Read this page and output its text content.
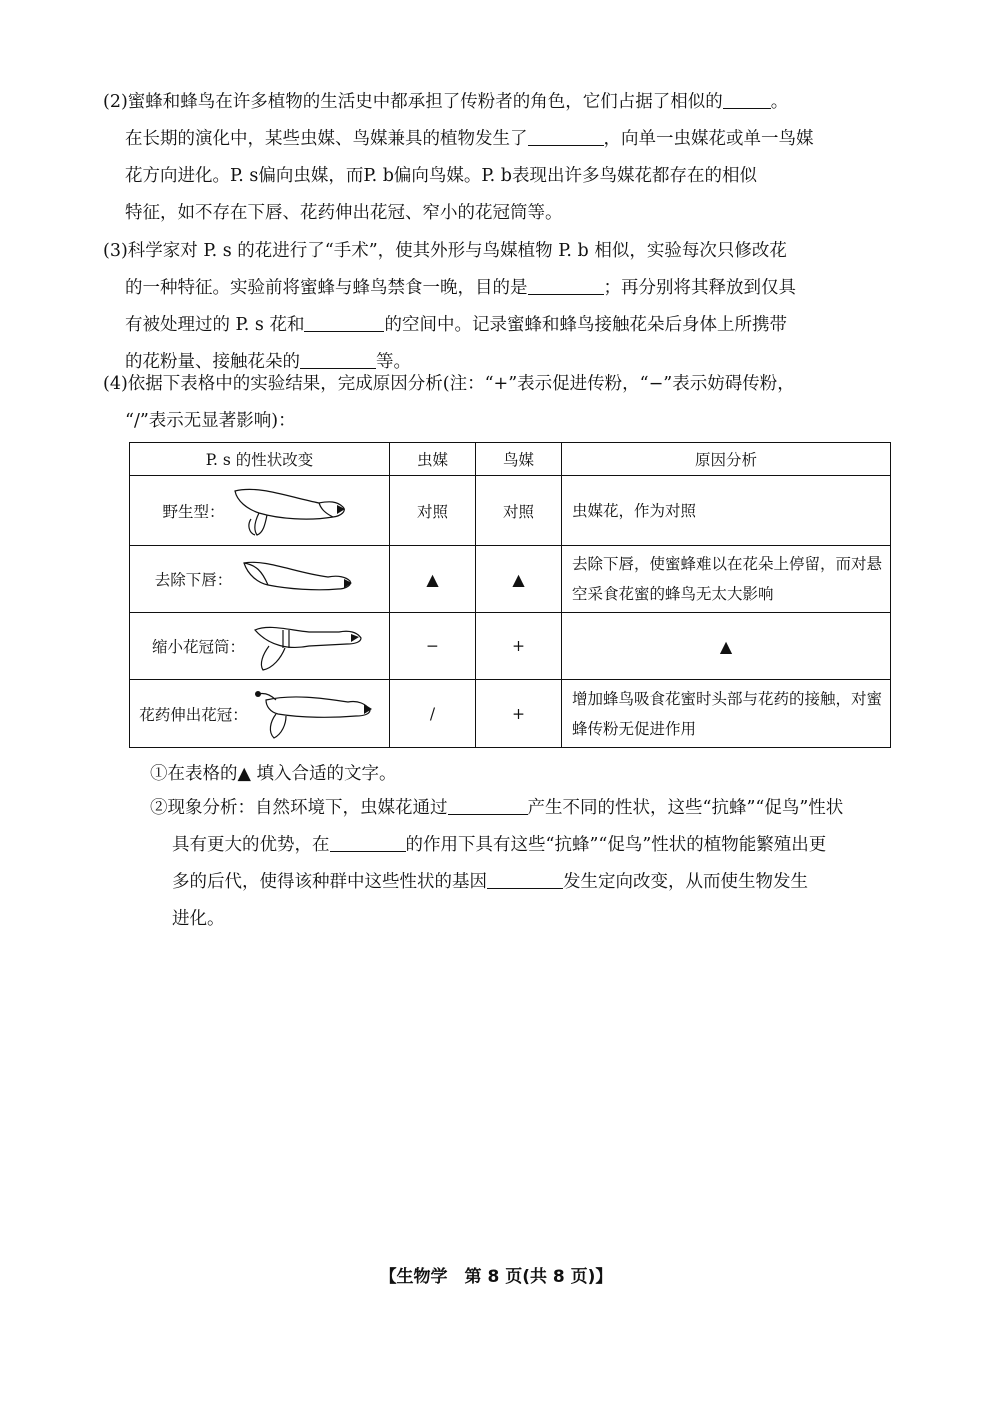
(2)蜜蜂和蜂鸟在许多植物的生活史中都承担了传粉者的角色，它们占据了相似的	。
在长期的演化中，某些虫媒、鸟媒兼具的植物发生了	，向单一虫媒花或单一鸟媒
花方向进化。P. s偏向虫媒，而P. b偏向鸟媒。P. b表现出许多鸟媒花都存在的相似
特征，如不存在下唇、花药伸出花冠、窄小的花冠筒等。
(3)科学家对 P. s 的花进行了“手术”，使其外形与鸟媒植物 P. b 相似，实验每次只修改花
的一种特征。实验前将蜜蜂与蜂鸟禁食一晚，目的是	；再分别将其释放到仅具
有被处理过的 P. s 花和	的空间中。记录蜜蜂和蜂鸟接触花朵后身体上所携带
的花粉量、接触花朵的	等。
(4)依据下表格中的实验结果，完成原因分析(注：“+”表示促进传粉，“−”表示妨碍传粉，
“/”表示无显著影响)：
P. s 的性状改变	虫媒	鸟媒	原因分析

野生型：	对照	对照	虫媒花，作为对照

去除下唇：	▲	▲	去除下唇，使蜜蜂难以在花朵上停留，而对悬空采食花蜜的蜂鸟无太大影响

缩小花冠筒：	−	+	▲

花药伸出花冠：	/	+	增加蜂鸟吸食花蜜时头部与花药的接触，对蜜蜂传粉无促进作用
①在表格的▲ 填入合适的文字。
②现象分析：自然环境下，虫媒花通过	产生不同的性状，这些“抗蜂”“促鸟”性状
具有更大的优势，在	的作用下具有这些“抗蜂”“促鸟”性状的植物能繁殖出更
多的后代，使得该种群中这些性状的基因	发生定向改变，从而使生物发生
进化。
【生物学　第 8 页(共 8 页)】
